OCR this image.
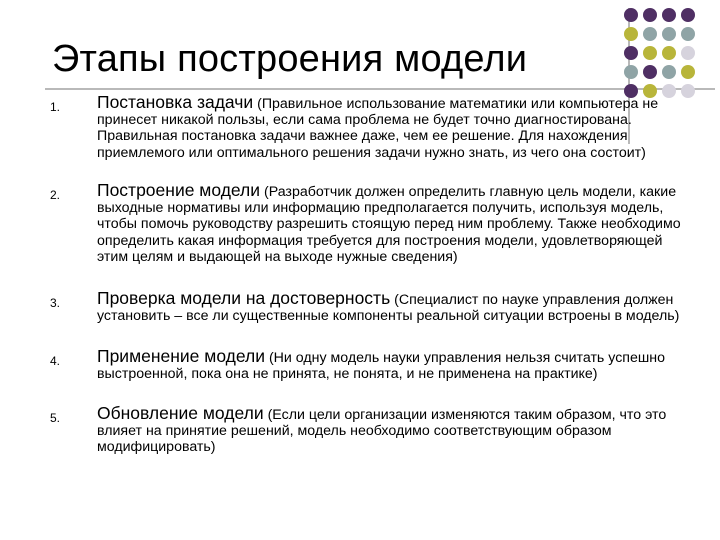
Этапы построения модели
1. Постановка задачи (Правильное использование математики или компьютера не принесет никакой пользы, если сама проблема не будет точно диагностирована. Правильная постановка задачи важнее даже, чем ее решение. Для нахождения приемлемого или оптимального решения задачи нужно знать, из чего она состоит)
2. Построение модели (Разработчик должен определить главную цель модели, какие выходные нормативы или информацию предполагается получить, используя модель, чтобы помочь руководству разрешить стоящую перед ним проблему. Также необходимо определить какая информация требуется для построения модели, удовлетворяющей этим целям и выдающей на выходе нужные сведения)
3. Проверка модели на достоверность (Специалист по науке управления должен установить – все ли существенные компоненты реальной ситуации встроены в модель)
4. Применение модели (Ни одну модель науки управления нельзя считать успешно выстроенной, пока она не принята, не понята, и не применена на практике)
5. Обновление модели (Если цели организации изменяются таким образом, что это влияет на принятие решений, модель необходимо соответствующим образом модифицировать)
